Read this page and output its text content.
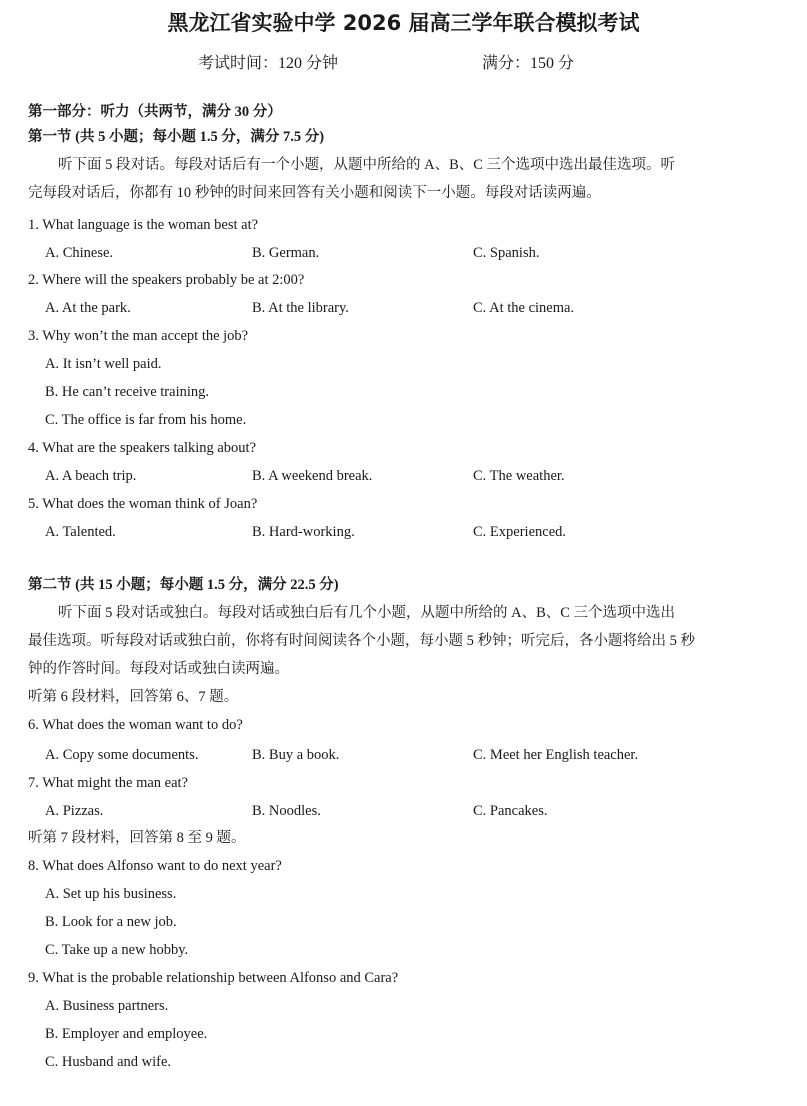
黑龙江省实验中学 2026 届高三学年联合模拟考试
考试时间：120 分钟	满分：150 分
第一部分：听力（共两节，满分 30 分）
第一节 (共 5 小题；每小题 1.5 分，满分 7.5 分)
听下面 5 段对话。每段对话后有一个小题，从题中所给的 A、B、C 三个选项中选出最佳选项。听
完每段对话后，你都有 10 秒钟的时间来回答有关小题和阅读下一小题。每段对话读两遍。
1. What language is the woman best at?
A. Chinese.	B. German.	C. Spanish.
2. Where will the speakers probably be at 2:00?
A. At the park.	B. At the library.	C. At the cinema.
3. Why won’t the man accept the job?
A. It isn’t well paid.
B. He can’t receive training.
C. The office is far from his home.
4. What are the speakers talking about?
A. A beach trip.	B. A weekend break.	C. The weather.
5. What does the woman think of Joan?
A. Talented.	B. Hard-working.	C. Experienced.
第二节 (共 15 小题；每小题 1.5 分，满分 22.5 分)
听下面 5 段对话或独白。每段对话或独白后有几个小题，从题中所给的 A、B、C 三个选项中选出
最佳选项。听每段对话或独白前，你将有时间阅读各个小题，每小题 5 秒钟；听完后，各小题将给出 5 秒
钟的作答时间。每段对话或独白读两遍。
听第 6 段材料，回答第 6、7 题。
6. What does the woman want to do?
A. Copy some documents.	B. Buy a book.	C. Meet her English teacher.
7. What might the man eat?
A. Pizzas.	B. Noodles.	C. Pancakes.
听第 7 段材料，回答第 8 至 9 题。
8. What does Alfonso want to do next year?
A. Set up his business.
B. Look for a new job.
C. Take up a new hobby.
9. What is the probable relationship between Alfonso and Cara?
A. Business partners.
B. Employer and employee.
C. Husband and wife.
